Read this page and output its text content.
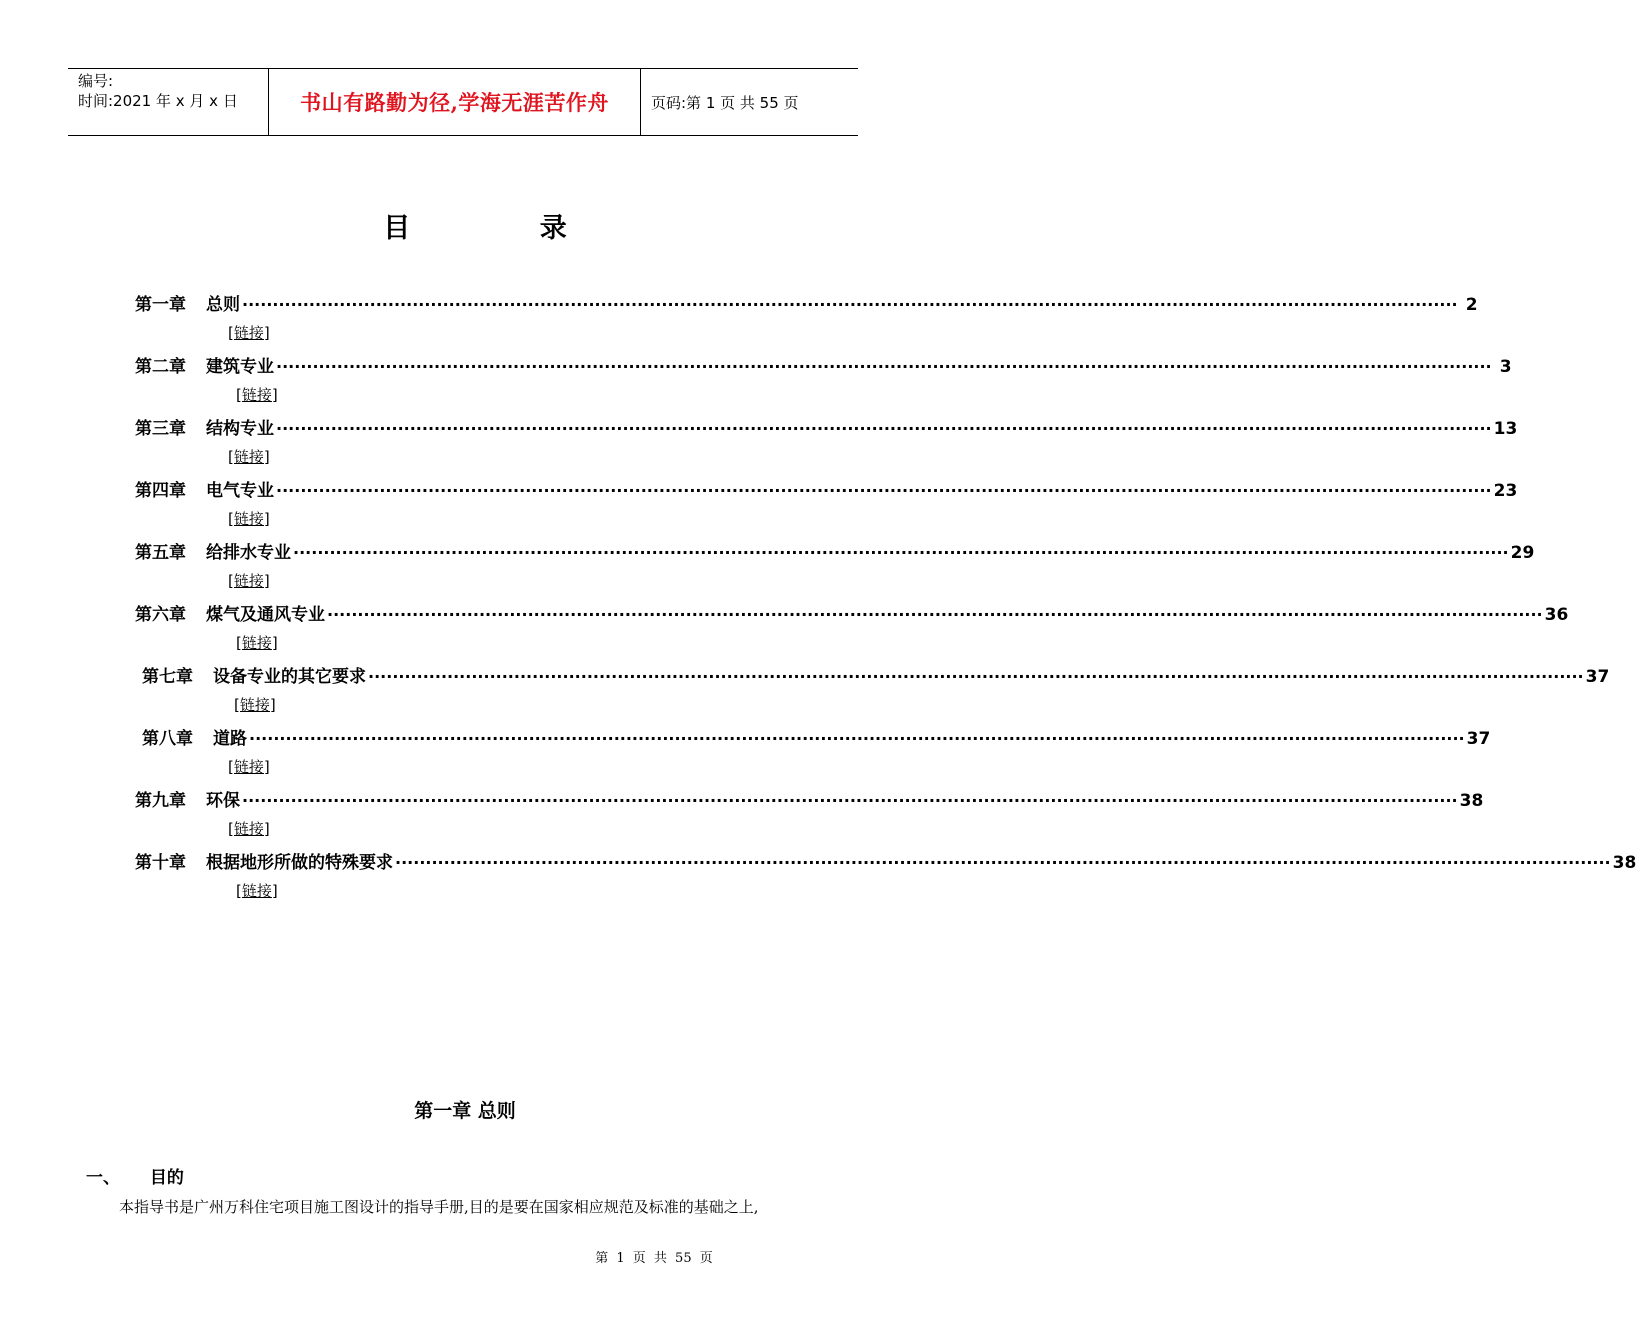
编号:
时间:2021 年 x 月 x 日	书山有路勤为径,学海无涯苦作舟	页码:第 1 页 共 55 页
目 录
第一章 总则 ········································································································································································································ 2
[链接]
第二章 建筑专业 ········································································································································································································ 3
[链接]
第三章 结构专业 ········································································································································································································ 13
[链接]
第四章 电气专业 ········································································································································································································ 23
[链接]
第五章 给排水专业 ········································································································································································································ 29
[链接]
第六章 煤气及通风专业 ········································································································································································································ 36
[链接]
第七章 设备专业的其它要求 ········································································································································································································ 37
[链接]
第八章 道路 ········································································································································································································ 37
[链接]
第九章 环保 ········································································································································································································ 38
[链接]
第十章 根据地形所做的特殊要求 ········································································································································································································ 38
[链接]
第一章 总则
一、 目的
本指导书是广州万科住宅项目施工图设计的指导手册,目的是要在国家相应规范及标准的基础之上,
第 1 页 共 55 页
